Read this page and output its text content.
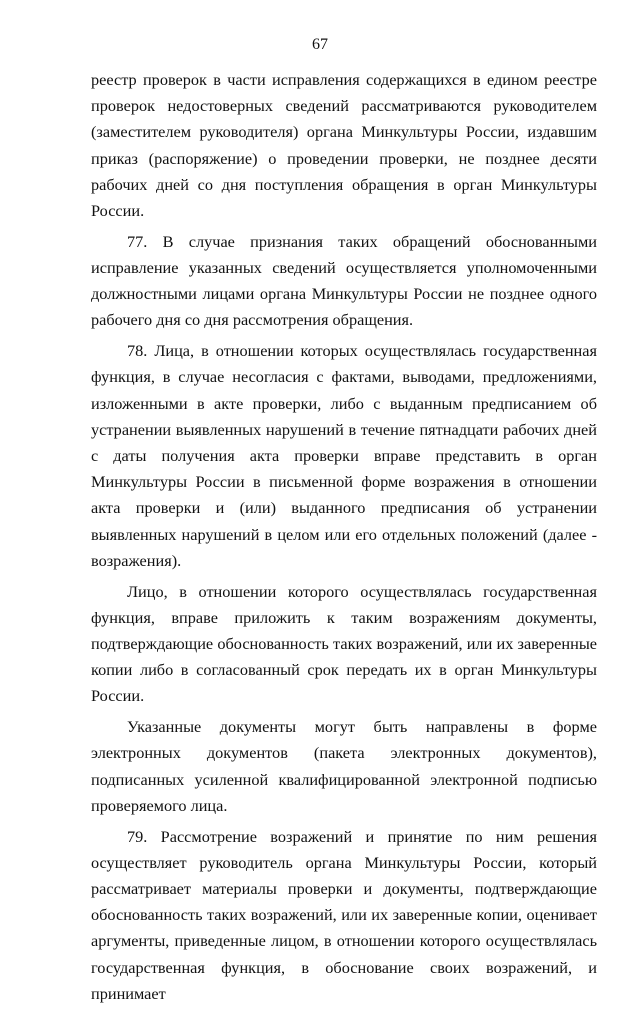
67

реестр проверок в части исправления содержащихся в едином реестре проверок недостоверных сведений рассматриваются руководителем (заместителем руководителя) органа Минкультуры России, издавшим приказ (распоряжение) о проведении проверки, не позднее десяти рабочих дней со дня поступления обращения в орган Минкультуры России.

77. В случае признания таких обращений обоснованными исправление указанных сведений осуществляется уполномоченными должностными лицами органа Минкультуры России не позднее одного рабочего дня со дня рассмотрения обращения.

78. Лица, в отношении которых осуществлялась государственная функция, в случае несогласия с фактами, выводами, предложениями, изложенными в акте проверки, либо с выданным предписанием об устранении выявленных нарушений в течение пятнадцати рабочих дней с даты получения акта проверки вправе представить в орган Минкультуры России в письменной форме возражения в отношении акта проверки и (или) выданного предписания об устранении выявленных нарушений в целом или его отдельных положений (далее - возражения).

Лицо, в отношении которого осуществлялась государственная функция, вправе приложить к таким возражениям документы, подтверждающие обоснованность таких возражений, или их заверенные копии либо в согласованный срок передать их в орган Минкультуры России.

Указанные документы могут быть направлены в форме электронных документов (пакета электронных документов), подписанных усиленной квалифицированной электронной подписью проверяемого лица.

79. Рассмотрение возражений и принятие по ним решения осуществляет руководитель органа Минкультуры России, который рассматривает материалы проверки и документы, подтверждающие обоснованность таких возражений, или их заверенные копии, оценивает аргументы, приведенные лицом, в отношении которого осуществлялась государственная функция, в обоснование своих возражений, и принимает
